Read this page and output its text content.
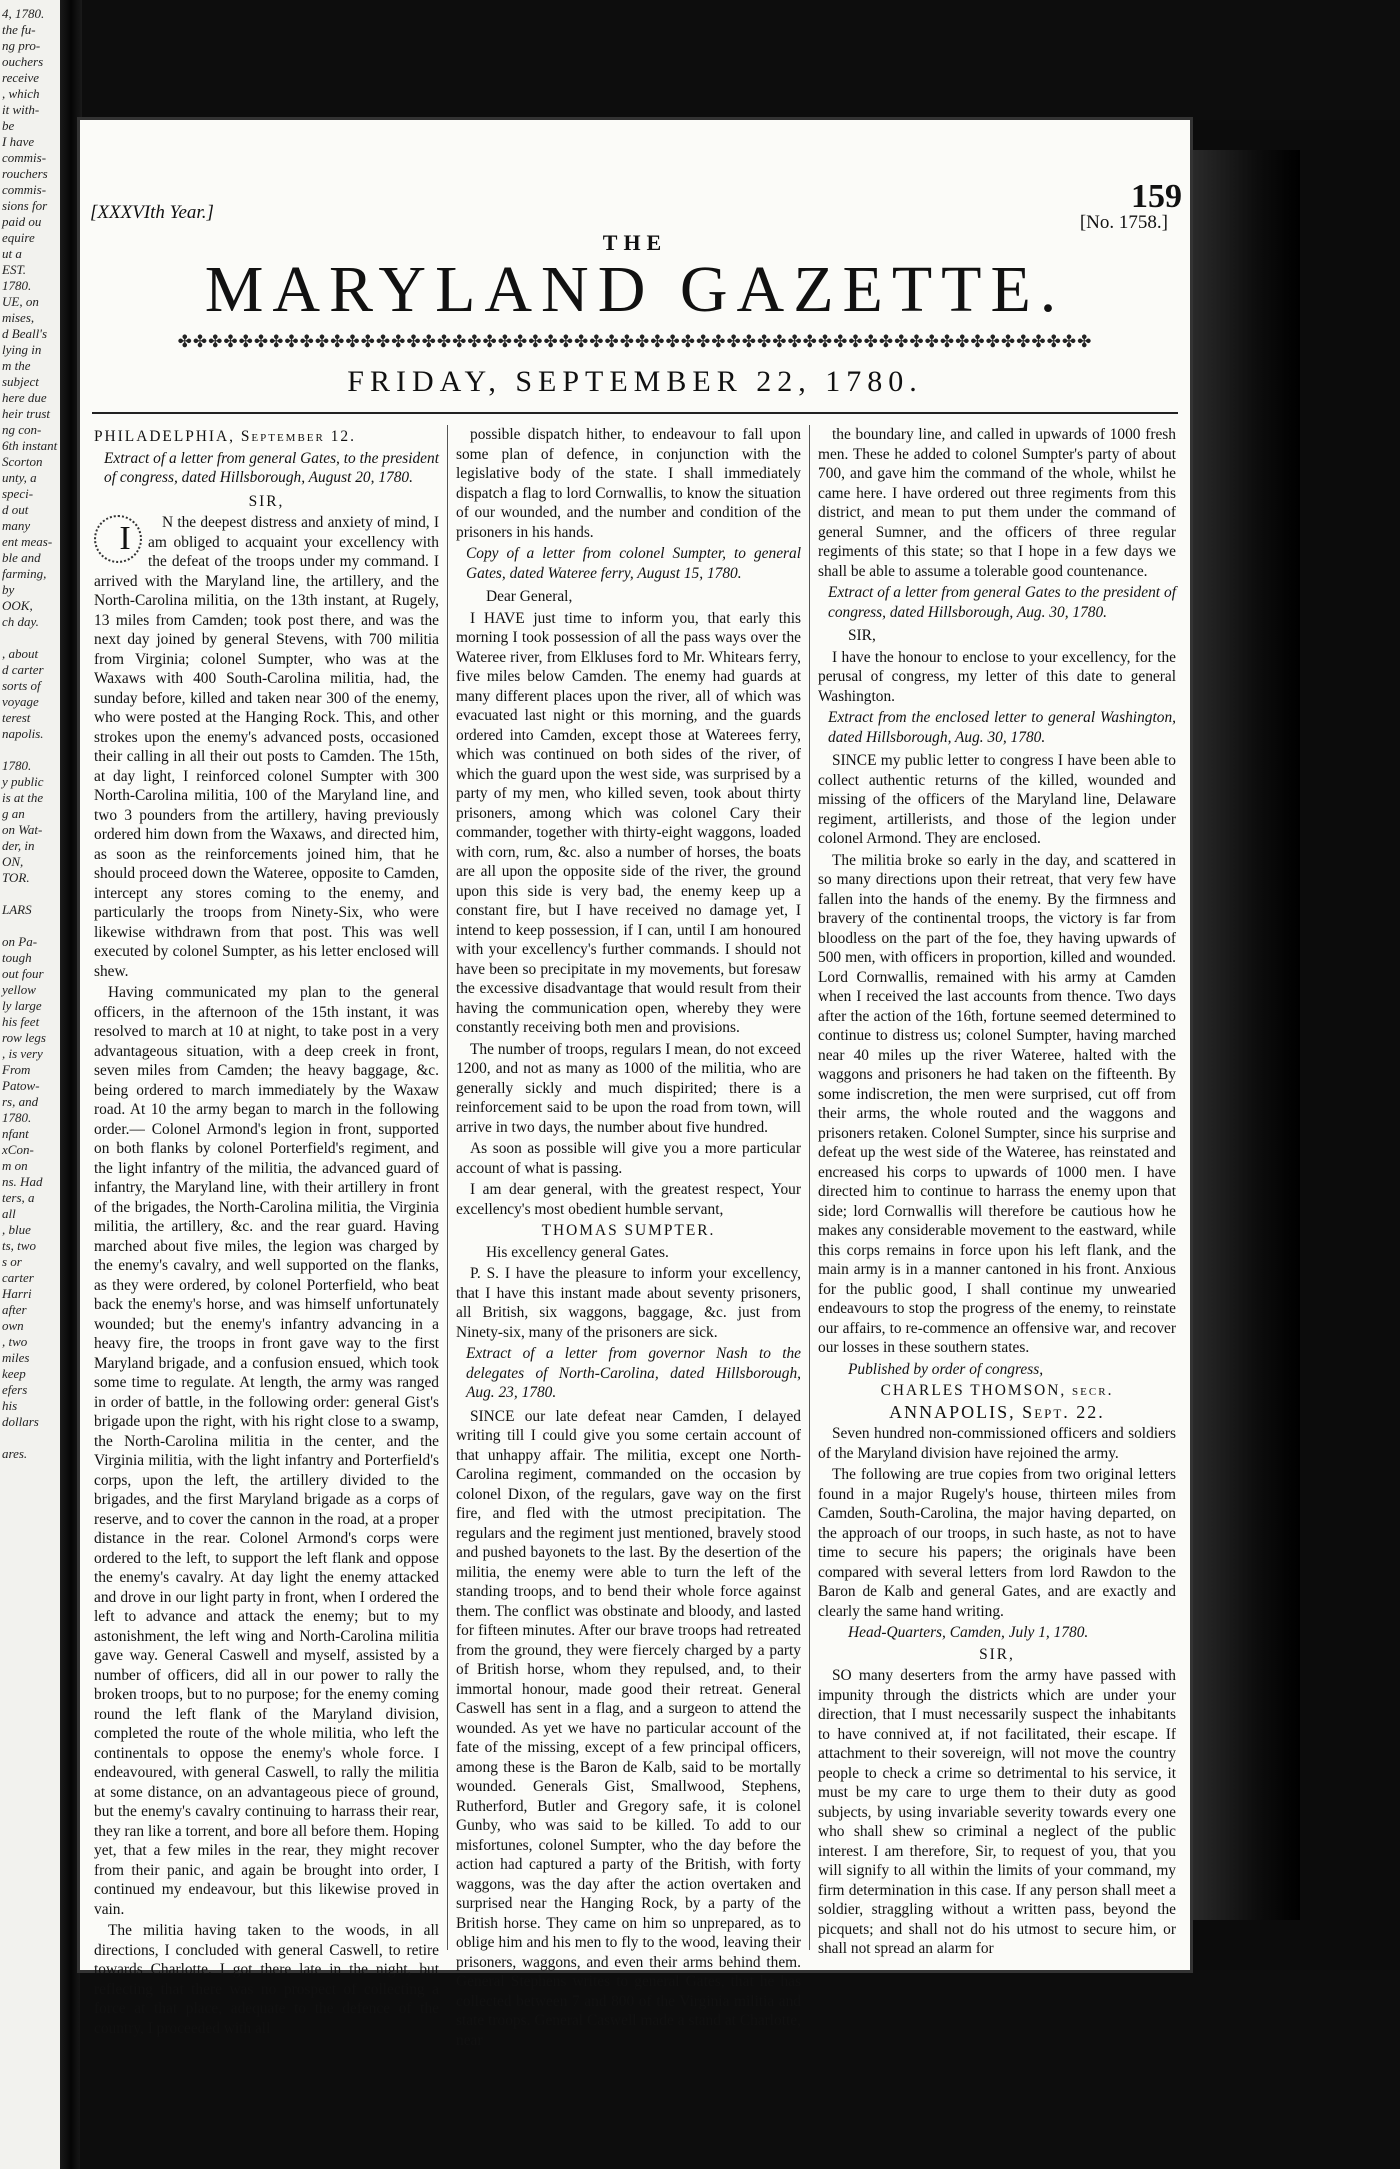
4, 1780.
the fu-
ng pro-
ouchers
receive
, which
it with-
be
I have
commis-
rouchers
commis-
sions for
paid ou
equire
ut a
EST.
1780.
UE, on
mises,
d Beall's
lying in
m the
subject
here due
heir trust
ng con-
6th instant
Scorton
unty, a
speci-
d out
many
ent meas-
ble and
farming,
by
OOK,
ch day.

, about
d carter
sorts of
voyage
terest
napolis.

1780.
y public
is at the
g an
on Wat-
der, in
ON,
TOR.

LARS

on Pa-
tough
out four
yellow
ly large
his feet
row legs
, is very
From
Patow-
rs, and
1780.
nfant
xCon-
m on
ns. Had
ters, a
all
, blue
ts, two
s or
carter
Harri
after
own
, two
miles
keep
efers
his
dollars

ares.
[XXXVIth Year.]	159
[No. 1758.]
THE
MARYLAND GAZETTE.
✤✤✤✤✤✤✤✤✤✤✤✤✤✤✤✤✤✤✤✤✤✤✤✤✤✤✤✤✤✤✤✤✤✤✤✤✤✤✤✤✤✤✤✤✤✤✤✤✤✤✤✤✤✤✤✤✤✤✤✤
FRIDAY, SEPTEMBER 22, 1780.

PHILADELPHIA, September 12.

Extract of a letter from general Gates, to the president of congress, dated Hillsborough, August 20, 1780.

SIR,

I	N the deepest distress and anxiety of mind, I am obliged to acquaint your excellency with the defeat of the troops under my command. I arrived with the Maryland line, the artillery, and the North-Carolina militia, on the 13th instant, at Rugely, 13 miles from Camden; took post there, and was the next day joined by general Stevens, with 700 militia from Virginia; colonel Sumpter, who was at the Waxaws with 400 South-Carolina militia, had, the sunday before, killed and taken near 300 of the enemy, who were posted at the Hanging Rock. This, and other strokes upon the enemy's advanced posts, occasioned their calling in all their out posts to Camden. The 15th, at day light, I reinforced colonel Sumpter with 300 North-Carolina militia, 100 of the Maryland line, and two 3 pounders from the artillery, having previously ordered him down from the Waxaws, and directed him, as soon as the reinforcements joined him, that he should proceed down the Wateree, opposite to Camden, intercept any stores coming to the enemy, and particularly the troops from Ninety-Six, who were likewise withdrawn from that post. This was well executed by colonel Sumpter, as his letter enclosed will shew.

Having communicated my plan to the general officers, in the afternoon of the 15th instant, it was resolved to march at 10 at night, to take post in a very advantageous situation, with a deep creek in front, seven miles from Camden; the heavy baggage, &c. being ordered to march immediately by the Waxaw road. At 10 the army began to march in the following order.— Colonel Armond's legion in front, supported on both flanks by colonel Porterfield's regiment, and the light infantry of the militia, the advanced guard of infantry, the Maryland line, with their artillery in front of the brigades, the North-Carolina militia, the Virginia militia, the artillery, &c. and the rear guard. Having marched about five miles, the legion was charged by the enemy's cavalry, and well supported on the flanks, as they were ordered, by colonel Porterfield, who beat back the enemy's horse, and was himself unfortunately wounded; but the enemy's infantry advancing in a heavy fire, the troops in front gave way to the first Maryland brigade, and a confusion ensued, which took some time to regulate. At length, the army was ranged in order of battle, in the following order: general Gist's brigade upon the right, with his right close to a swamp, the North-Carolina militia in the center, and the Virginia militia, with the light infantry and Porterfield's corps, upon the left, the artillery divided to the brigades, and the first Maryland brigade as a corps of reserve, and to cover the cannon in the road, at a proper distance in the rear. Colonel Armond's corps were ordered to the left, to support the left flank and oppose the enemy's cavalry. At day light the enemy attacked and drove in our light party in front, when I ordered the left to advance and attack the enemy; but to my astonishment, the left wing and North-Carolina militia gave way. General Caswell and myself, assisted by a number of officers, did all in our power to rally the broken troops, but to no purpose; for the enemy coming round the left flank of the Maryland division, completed the route of the whole militia, who left the continentals to oppose the enemy's whole force. I endeavoured, with general Caswell, to rally the militia at some distance, on an advantageous piece of ground, but the enemy's cavalry continuing to harrass their rear, they ran like a torrent, and bore all before them. Hoping yet, that a few miles in the rear, they might recover from their panic, and again be brought into order, I continued my endeavour, but this likewise proved in vain.

The militia having taken to the woods, in all directions, I concluded with general Caswell, to retire towards Charlotte. I got there late in the night, but reflecting that there was no prospect of collecting a force at that place, adequate to the defence of the country, I proceeded with all

possible dispatch hither, to endeavour to fall upon some plan of defence, in conjunction with the legislative body of the state. I shall immediately dispatch a flag to lord Cornwallis, to know the situation of our wounded, and the number and condition of the prisoners in his hands.

Copy of a letter from colonel Sumpter, to general Gates, dated Wateree ferry, August 15, 1780.

Dear General,

I HAVE just time to inform you, that early this morning I took possession of all the pass ways over the Wateree river, from Elkluses ford to Mr. Whitears ferry, five miles below Camden. The enemy had guards at many different places upon the river, all of which was evacuated last night or this morning, and the guards ordered into Camden, except those at Waterees ferry, which was continued on both sides of the river, of which the guard upon the west side, was surprised by a party of my men, who killed seven, took about thirty prisoners, among which was colonel Cary their commander, together with thirty-eight waggons, loaded with corn, rum, &c. also a number of horses, the boats are all upon the opposite side of the river, the ground upon this side is very bad, the enemy keep up a constant fire, but I have received no damage yet, I intend to keep possession, if I can, until I am honoured with your excellency's further commands. I should not have been so precipitate in my movements, but foresaw the excessive disadvantage that would result from their having the communication open, whereby they were constantly receiving both men and provisions.

The number of troops, regulars I mean, do not exceed 1200, and not as many as 1000 of the militia, who are generally sickly and much dispirited; there is a reinforcement said to be upon the road from town, will arrive in two days, the number about five hundred.

As soon as possible will give you a more particular account of what is passing.

I am dear general, with the greatest respect, Your excellency's most obedient humble servant,

THOMAS SUMPTER.

His excellency general Gates.

P. S. I have the pleasure to inform your excellency, that I have this instant made about seventy prisoners, all British, six waggons, baggage, &c. just from Ninety-six, many of the prisoners are sick.

Extract of a letter from governor Nash to the delegates of North-Carolina, dated Hillsborough, Aug. 23, 1780.

SINCE our late defeat near Camden, I delayed writing till I could give you some certain account of that unhappy affair. The militia, except one North-Carolina regiment, commanded on the occasion by colonel Dixon, of the regulars, gave way on the first fire, and fled with the utmost precipitation. The regulars and the regiment just mentioned, bravely stood and pushed bayonets to the last. By the desertion of the militia, the enemy were able to turn the left of the standing troops, and to bend their whole force against them. The conflict was obstinate and bloody, and lasted for fifteen minutes. After our brave troops had retreated from the ground, they were fiercely charged by a party of British horse, whom they repulsed, and, to their immortal honour, made good their retreat. General Caswell has sent in a flag, and a surgeon to attend the wounded. As yet we have no particular account of the fate of the missing, except of a few principal officers, among these is the Baron de Kalb, said to be mortally wounded. Generals Gist, Smallwood, Stephens, Rutherford, Butler and Gregory safe, it is colonel Gunby, who was said to be killed. To add to our misfortunes, colonel Sumpter, who the day before the action had captured a party of the British, with forty waggons, was the day after the action overtaken and surprised near the Hanging Rock, by a party of the British horse. They came on him so unprepared, as to oblige him and his men to fly to the wood, leaving their prisoners, waggons, and even their arms behind them. General Stephens writes to general Gates, that he has collected between 7 and 800 of the Virginia militia and state troops. General Caswell made a stand at Charlotte, near

the boundary line, and called in upwards of 1000 fresh men. These he added to colonel Sumpter's party of about 700, and gave him the command of the whole, whilst he came here. I have ordered out three regiments from this district, and mean to put them under the command of general Sumner, and the officers of three regular regiments of this state; so that I hope in a few days we shall be able to assume a tolerable good countenance.

Extract of a letter from general Gates to the president of congress, dated Hillsborough, Aug. 30, 1780.

SIR,

I have the honour to enclose to your excellency, for the perusal of congress, my letter of this date to general Washington.

Extract from the enclosed letter to general Washington, dated Hillsborough, Aug. 30, 1780.

SINCE my public letter to congress I have been able to collect authentic returns of the killed, wounded and missing of the officers of the Maryland line, Delaware regiment, artillerists, and those of the legion under colonel Armond. They are enclosed.

The militia broke so early in the day, and scattered in so many directions upon their retreat, that very few have fallen into the hands of the enemy. By the firmness and bravery of the continental troops, the victory is far from bloodless on the part of the foe, they having upwards of 500 men, with officers in proportion, killed and wounded. Lord Cornwallis, remained with his army at Camden when I received the last accounts from thence. Two days after the action of the 16th, fortune seemed determined to continue to distress us; colonel Sumpter, having marched near 40 miles up the river Wateree, halted with the waggons and prisoners he had taken on the fifteenth. By some indiscretion, the men were surprised, cut off from their arms, the whole routed and the waggons and prisoners retaken. Colonel Sumpter, since his surprise and defeat up the west side of the Wateree, has reinstated and encreased his corps to upwards of 1000 men. I have directed him to continue to harrass the enemy upon that side; lord Cornwallis will therefore be cautious how he makes any considerable movement to the eastward, while this corps remains in force upon his left flank, and the main army is in a manner cantoned in his front. Anxious for the public good, I shall continue my unwearied endeavours to stop the progress of the enemy, to reinstate our affairs, to re-commence an offensive war, and recover our losses in these southern states.

Published by order of congress,

CHARLES THOMSON, secr.

ANNAPOLIS, Sept. 22.

Seven hundred non-commissioned officers and soldiers of the Maryland division have rejoined the army.

The following are true copies from two original letters found in a major Rugely's house, thirteen miles from Camden, South-Carolina, the major having departed, on the approach of our troops, in such haste, as not to have time to secure his papers; the originals have been compared with several letters from lord Rawdon to the Baron de Kalb and general Gates, and are exactly and clearly the same hand writing.

Head-Quarters, Camden, July 1, 1780.

SIR,

SO many deserters from the army have passed with impunity through the districts which are under your direction, that I must necessarily suspect the inhabitants to have connived at, if not facilitated, their escape. If attachment to their sovereign, will not move the country people to check a crime so detrimental to his service, it must be my care to urge them to their duty as good subjects, by using invariable severity towards every one who shall shew so criminal a neglect of the public interest. I am therefore, Sir, to request of you, that you will signify to all within the limits of your command, my firm determination in this case. If any person shall meet a soldier, straggling without a written pass, beyond the picquets; and shall not do his utmost to secure him, or shall not spread an alarm for
